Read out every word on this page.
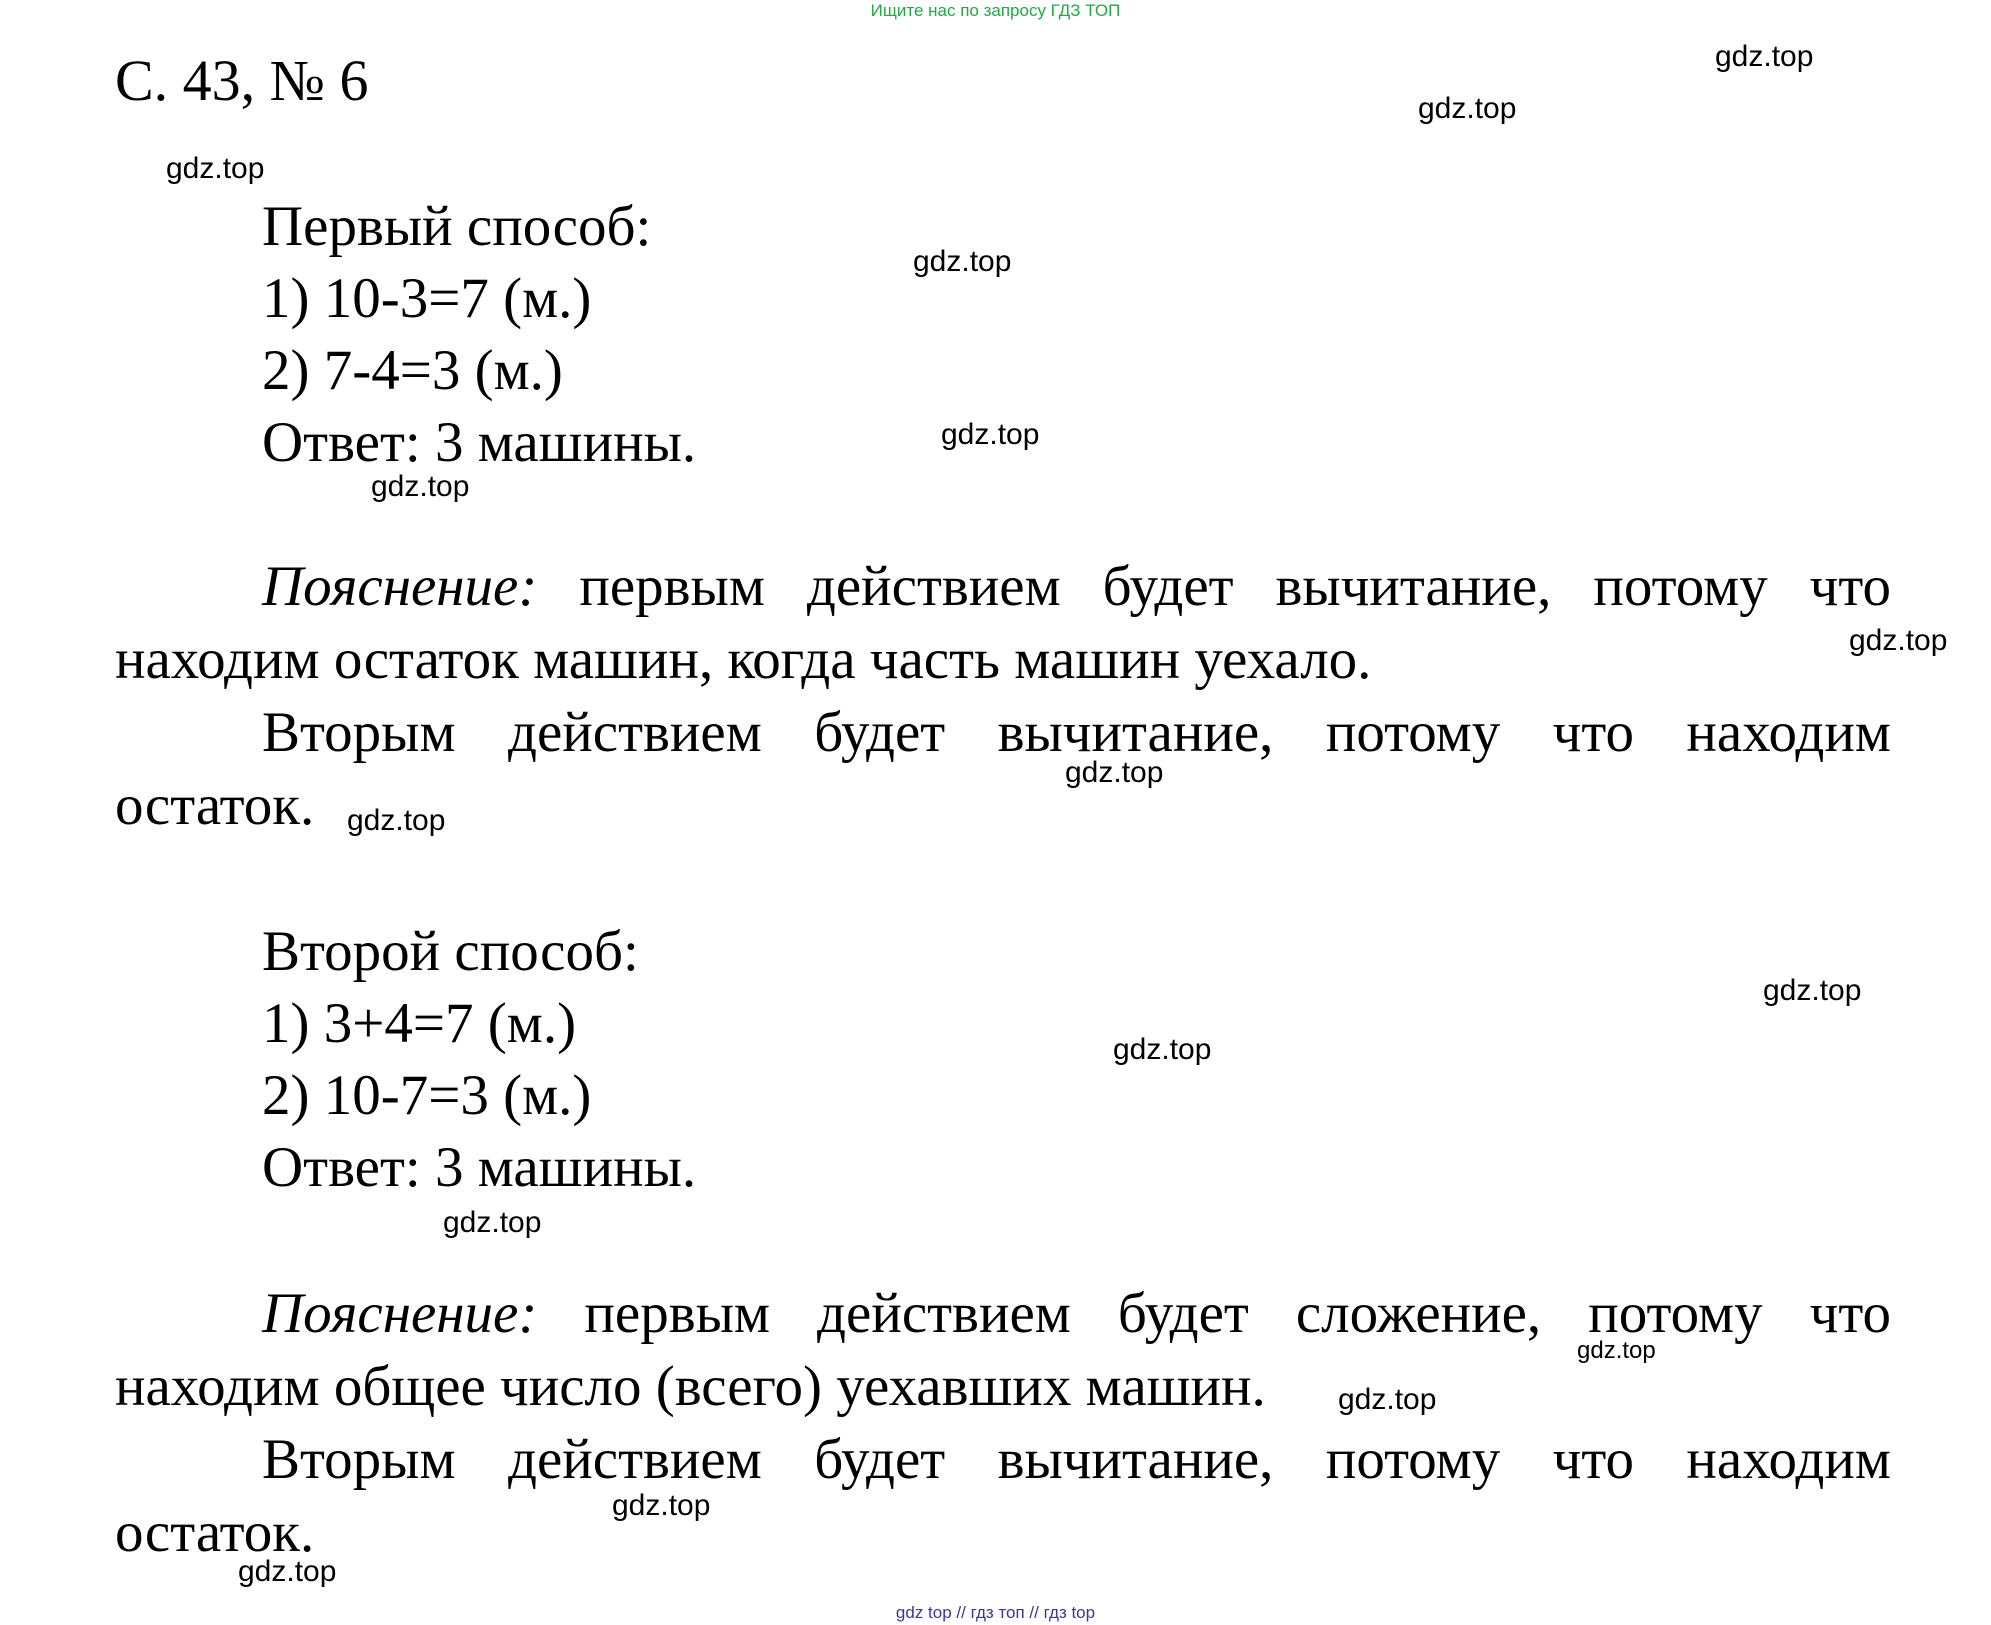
Ищите нас по запросу ГДЗ ТОП
С. 43, № 6
Первый способ:
1) 10-3=7 (м.)
2) 7-4=3 (м.)
Ответ: 3 машины.
Пояснение: первым действием будет вычитание, потому что
находим остаток машин, когда часть машин уехало.
Вторым действием будет вычитание, потому что находим
остаток.
Второй способ:
1) 3+4=7 (м.)
2) 10-7=3 (м.)
Ответ: 3 машины.
Пояснение: первым действием будет сложение, потому что
находим общее число (всего) уехавших машин.
Вторым действием будет вычитание, потому что находим
остаток.
gdz.top
gdz.top
gdz.top
gdz.top
gdz.top
gdz.top
gdz.top
gdz.top
gdz.top
gdz.top
gdz.top
gdz.top
gdz.top
gdz.top
gdz.top
gdz.top
gdz top // гдз топ // гдз top
